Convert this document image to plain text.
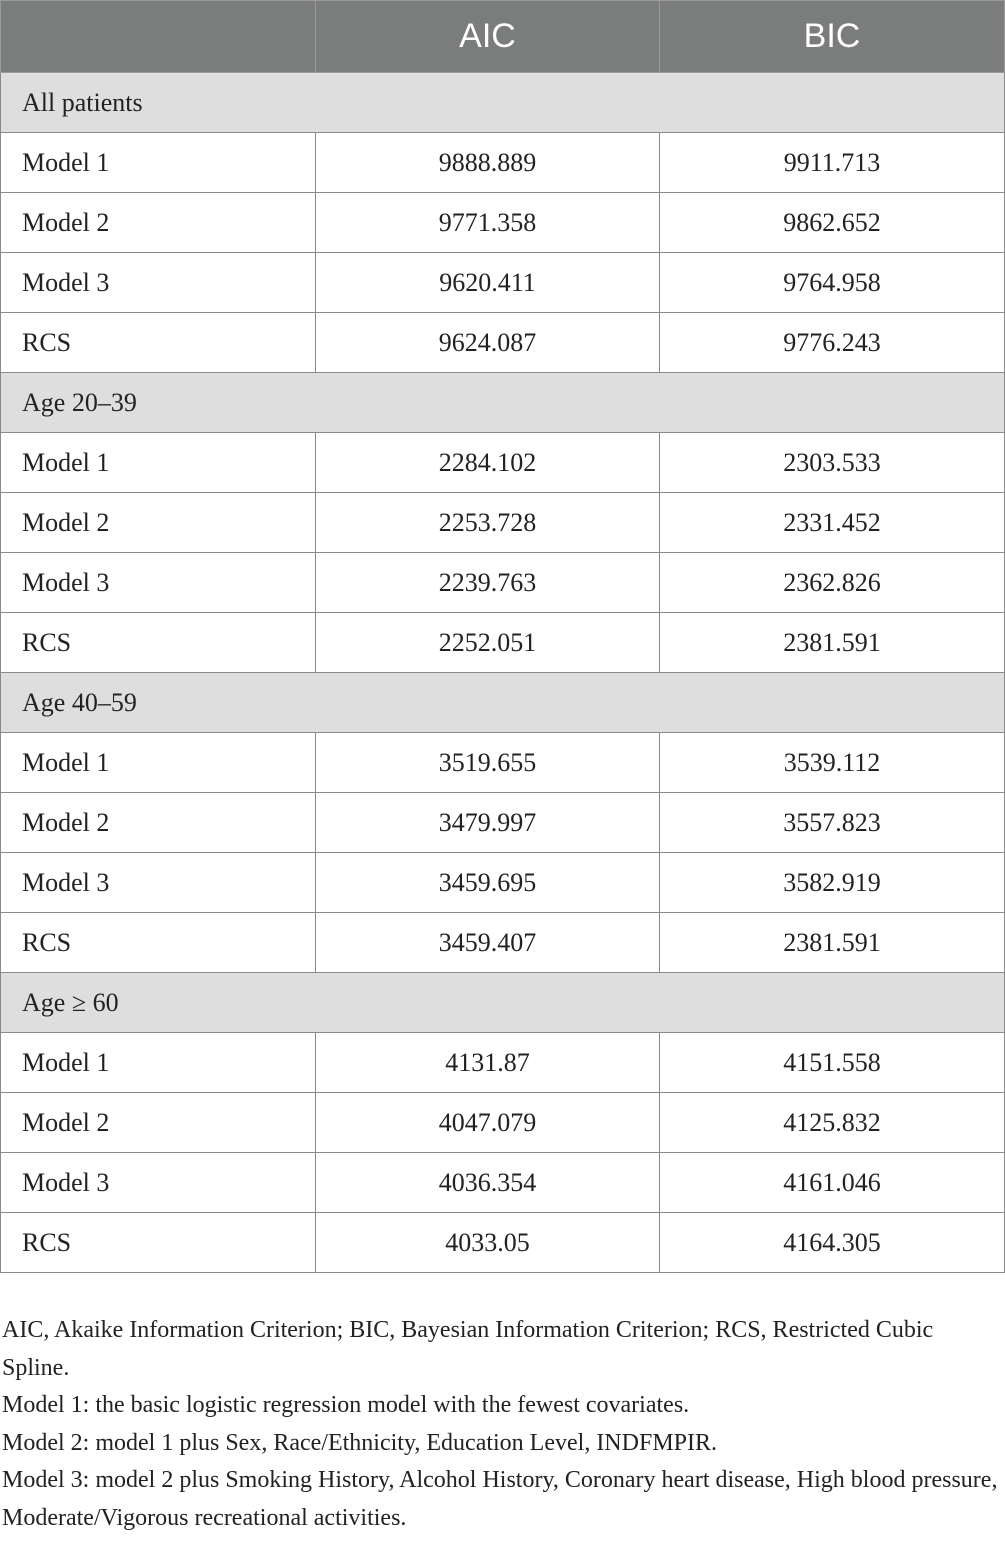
	AIC	BIC
All patients		
Model 1	9888.889	9911.713
Model 2	9771.358	9862.652
Model 3	9620.411	9764.958
RCS	9624.087	9776.243
Age 20–39		
Model 1	2284.102	2303.533
Model 2	2253.728	2331.452
Model 3	2239.763	2362.826
RCS	2252.051	2381.591
Age 40–59		
Model 1	3519.655	3539.112
Model 2	3479.997	3557.823
Model 3	3459.695	3582.919
RCS	3459.407	2381.591
Age ≥ 60		
Model 1	4131.87	4151.558
Model 2	4047.079	4125.832
Model 3	4036.354	4161.046
RCS	4033.05	4164.305

AIC, Akaike Information Criterion; BIC, Bayesian Information Criterion; RCS, Restricted Cubic Spline.

Model 1: the basic logistic regression model with the fewest covariates.

Model 2: model 1 plus Sex, Race/Ethnicity, Education Level, INDFMPIR.

Model 3: model 2 plus Smoking History, Alcohol History, Coronary heart disease, High blood pressure, Moderate/Vigorous recreational activities.
